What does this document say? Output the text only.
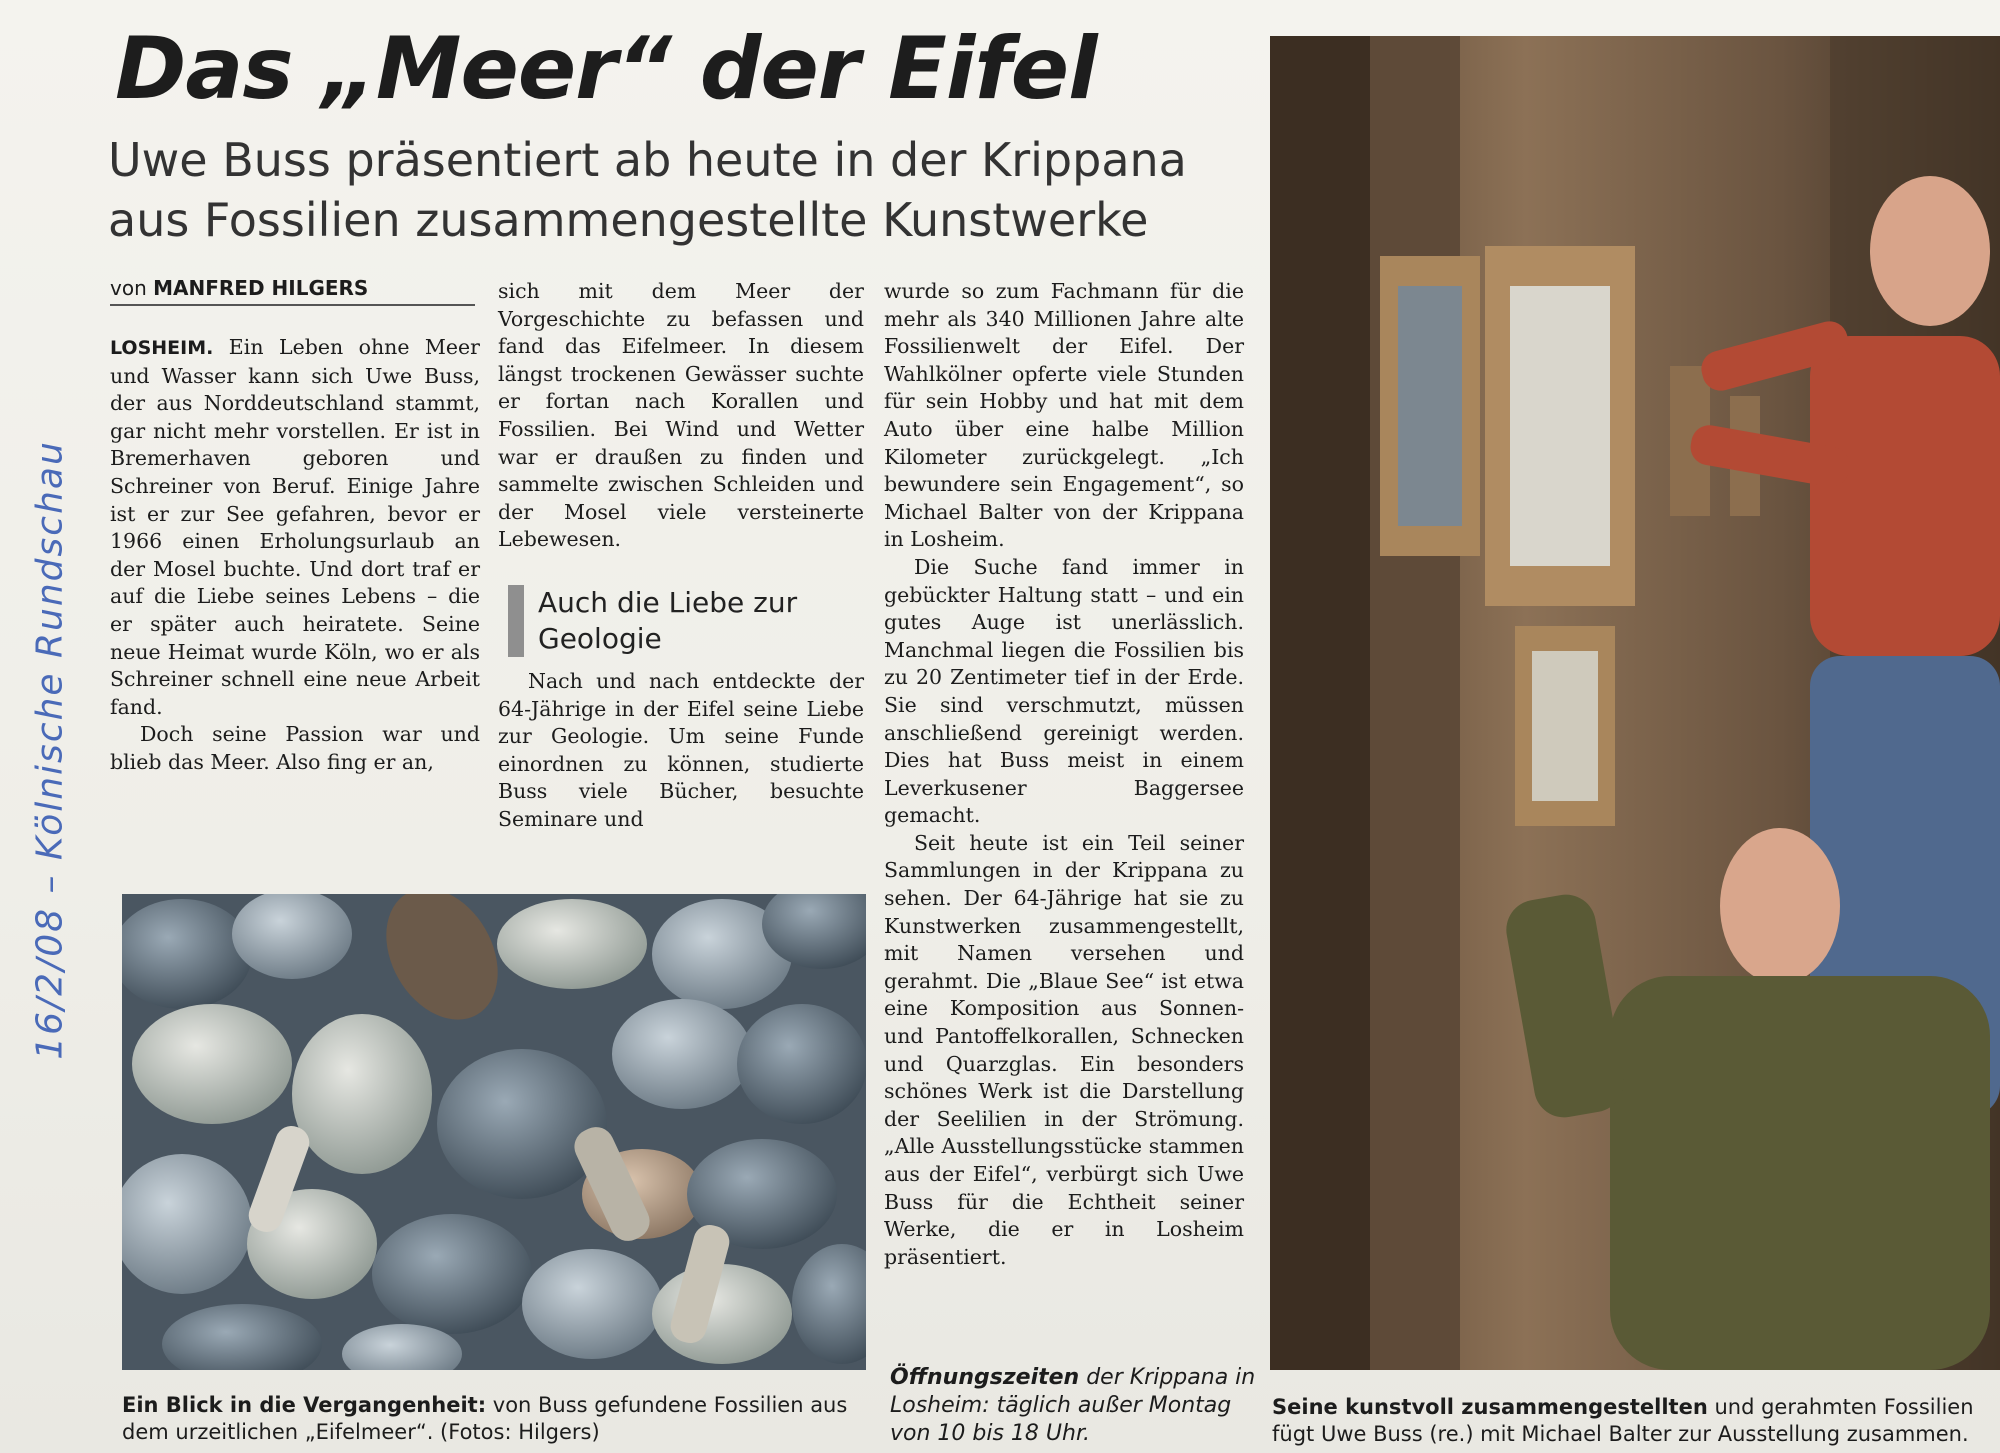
16/2/08 – Kölnische Rundschau
Das „Meer“ der Eifel
Uwe Buss präsentiert ab heute in der Krippana
aus Fossilien zusammengestellte Kunstwerke
von MANFRED HILGERS

LOSHEIM. Ein Leben ohne Meer und Wasser kann sich Uwe Buss, der aus Norddeutschland stammt, gar nicht mehr vorstellen. Er ist in Bremerhaven geboren und Schreiner von Beruf. Einige Jahre ist er zur See gefahren, bevor er 1966 einen Erholungsurlaub an der Mosel buchte. Und dort traf er auf die Liebe seines Lebens – die er später auch heiratete. Seine neue Heimat wurde Köln, wo er als Schreiner schnell eine neue Arbeit fand.

Doch seine Passion war und blieb das Meer. Also fing er an,

sich mit dem Meer der Vorgeschichte zu befassen und fand das Eifelmeer. In diesem längst trockenen Gewässer suchte er fortan nach Korallen und Fossilien. Bei Wind und Wetter war er draußen zu finden und sammelte zwischen Schleiden und der Mosel viele versteinerte Lebewesen.

Auch die Liebe zur Geologie

Nach und nach entdeckte der 64-Jährige in der Eifel seine Liebe zur Geologie. Um seine Funde einordnen zu können, studierte Buss viele Bücher, besuchte Seminare und

wurde so zum Fachmann für die mehr als 340 Millionen Jahre alte Fossilienwelt der Eifel. Der Wahlkölner opferte viele Stunden für sein Hobby und hat mit dem Auto über eine halbe Million Kilometer zurückgelegt. „Ich bewundere sein Engagement“, so Michael Balter von der Krippana in Losheim.

Die Suche fand immer in gebückter Haltung statt – und ein gutes Auge ist unerlässlich. Manchmal liegen die Fossilien bis zu 20 Zentimeter tief in der Erde. Sie sind verschmutzt, müssen anschließend gereinigt werden. Dies hat Buss meist in einem Leverkusener Baggersee gemacht.

Seit heute ist ein Teil seiner Sammlungen in der Krippana zu sehen. Der 64-Jährige hat sie zu Kunstwerken zusammengestellt, mit Namen versehen und gerahmt. Die „Blaue See“ ist etwa eine Komposition aus Sonnen- und Pantoffelkorallen, Schnecken und Quarzglas. Ein besonders schönes Werk ist die Darstellung der Seelilien in der Strömung. „Alle Ausstellungsstücke stammen aus der Eifel“, verbürgt sich Uwe Buss für die Echtheit seiner Werke, die er in Losheim präsentiert.

Ein Blick in die Vergangenheit: von Buss gefundene Fossilien aus dem urzeitlichen „Eifelmeer“. (Fotos: Hilgers)
Öffnungszeiten der Krippana in Losheim: täglich außer Montag von 10 bis 18 Uhr.
Seine kunstvoll zusammengestellten und gerahmten Fossilien fügt Uwe Buss (re.) mit Michael Balter zur Ausstellung zusammen.
